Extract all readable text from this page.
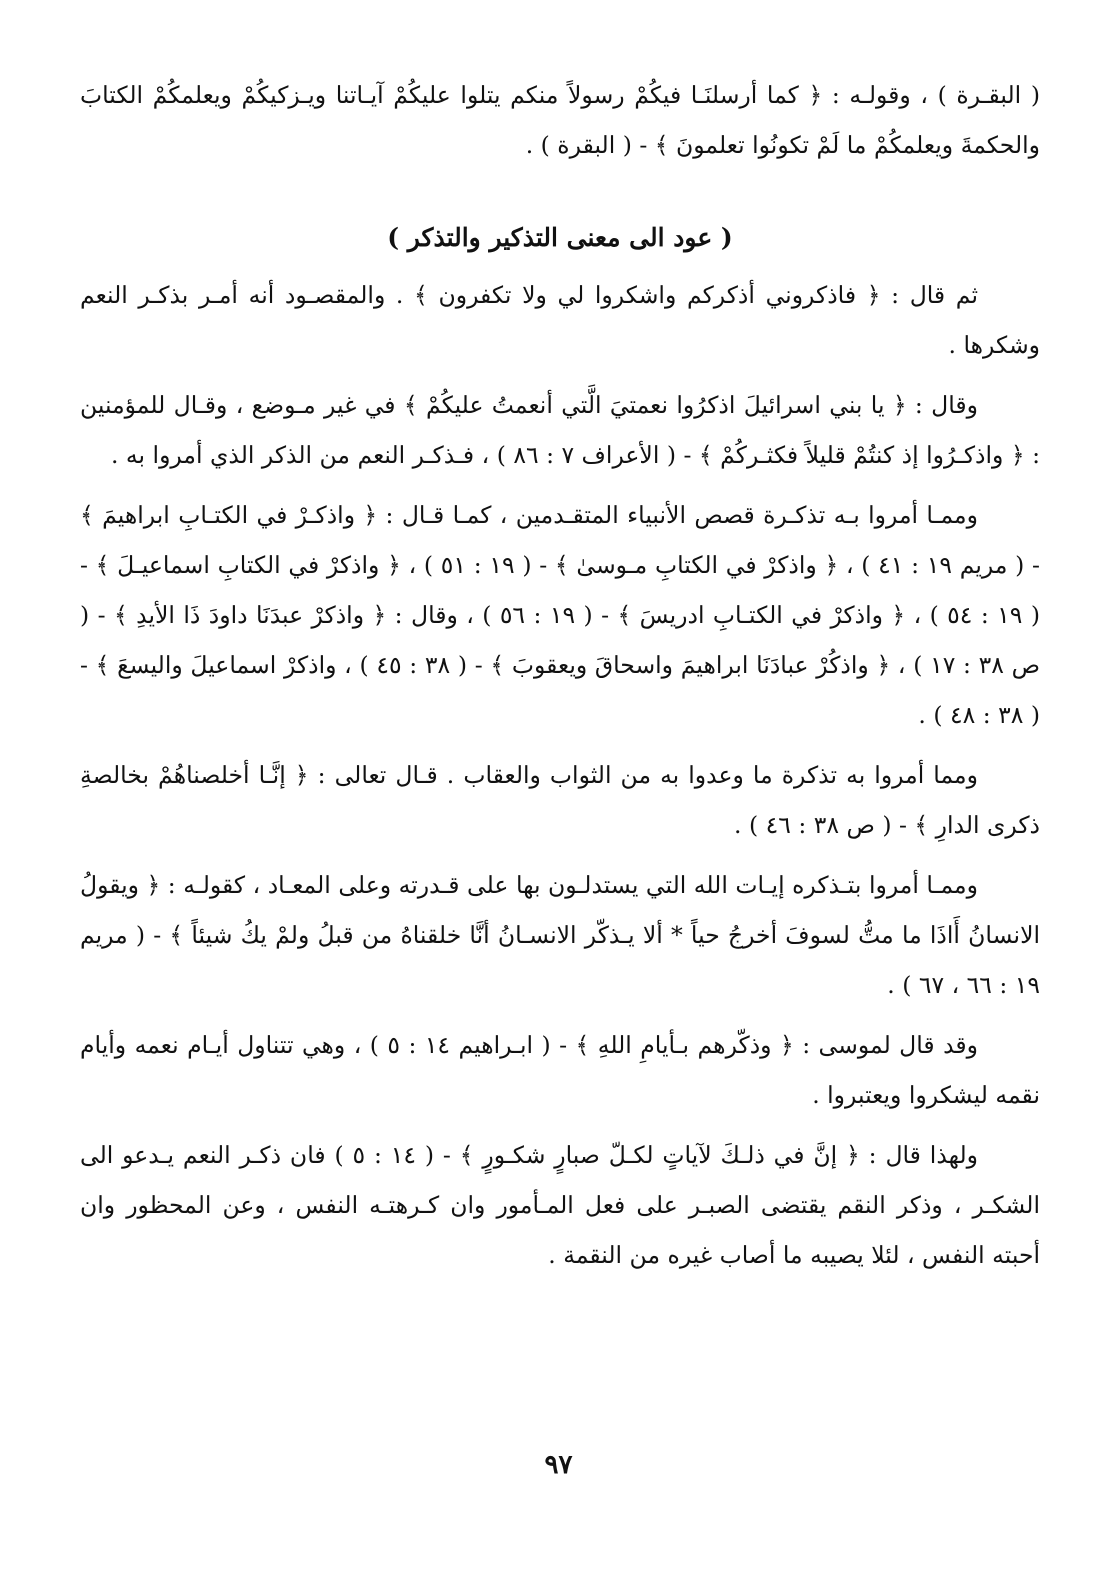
( البقـرة ) ، وقولـه : ﴿ كما أرسلنَـا فيكُمْ رسولاً منكم يتلوا عليكُمْ آيـاتنا ويـزكيكُمْ ويعلمكُمْ الكتابَ والحكمةَ ويعلمكُمْ ما لَمْ تكونُوا تعلمونَ ﴾ - ( البقرة ) .

( عود الى معنى التذكير والتذكر )

ثم قال : ﴿ فاذكروني أذكركم واشكروا لي ولا تكفرون ﴾ . والمقصـود أنه أمـر بذكـر النعم وشكرها .

وقال : ﴿ يا بني اسرائيلَ اذكرُوا نعمتيَ الَّتي أنعمتُ عليكُمْ ﴾ في غير مـوضع ، وقـال للمؤمنين : ﴿ واذكـرُوا إذ كنتُمْ قليلاً فكثـركُمْ ﴾ - ( الأعراف ٧ : ٨٦ ) ، فـذكـر النعم من الذكر الذي أمروا به .

وممـا أمروا بـه تذكـرة قصص الأنبياء المتقـدمين ، كمـا قـال : ﴿ واذكـرْ في الكتـابِ ابراهيمَ ﴾ - ( مريم ١٩ : ٤١ ) ، ﴿ واذكرْ في الكتابِ مـوسىٰ ﴾ - ( ١٩ : ٥١ ) ، ﴿ واذكرْ في الكتابِ اسماعيـلَ ﴾ - ( ١٩ : ٥٤ ) ، ﴿ واذكرْ في الكتـابِ ادريسَ ﴾ - ( ١٩ : ٥٦ ) ، وقال : ﴿ واذكرْ عبدَنَا داودَ ذَا الأيدِ ﴾ - ( ص ٣٨ : ١٧ ) ، ﴿ واذكُرْ عبادَنَا ابراهيمَ واسحاقَ ويعقوبَ ﴾ - ( ٣٨ : ٤٥ ) ، واذكرْ اسماعيلَ واليسعَ ﴾ - ( ٣٨ : ٤٨ ) .

ومما أمروا به تذكرة ما وعدوا به من الثواب والعقاب . قـال تعالى : ﴿ إنَّـا أخلصناهُمْ بخالصةِ ذكرى الدارِ ﴾ - ( ص ٣٨ : ٤٦ ) .

وممـا أمروا بتـذكره إيـات الله التي يستدلـون بها على قـدرته وعلى المعـاد ، كقولـه : ﴿ ويقولُ الانسانُ أَاذَا ما متُّ لسوفَ أخرجُ حياً * ألا يـذكّر الانسـانُ أنَّا خلقناهُ من قبلُ ولمْ يكُ شيئاً ﴾ - ( مريم ١٩ : ٦٦ ، ٦٧ ) .

وقد قال لموسى : ﴿ وذكّرهم بـأيامِ اللهِ ﴾ - ( ابـراهيم ١٤ : ٥ ) ، وهي تتناول أيـام نعمه وأيام نقمه ليشكروا ويعتبروا .

ولهذا قال : ﴿ إنَّ في ذلـكَ لآياتٍ لكـلّ صبارٍ شكـورٍ ﴾ - ( ١٤ : ٥ ) فان ذكـر النعم يـدعو الى الشكـر ، وذكر النقم يقتضى الصبـر على فعل المـأمور وان كـرهتـه النفس ، وعن المحظور وان أحبته النفس ، لئلا يصيبه ما أصاب غيره من النقمة .

٩٧
